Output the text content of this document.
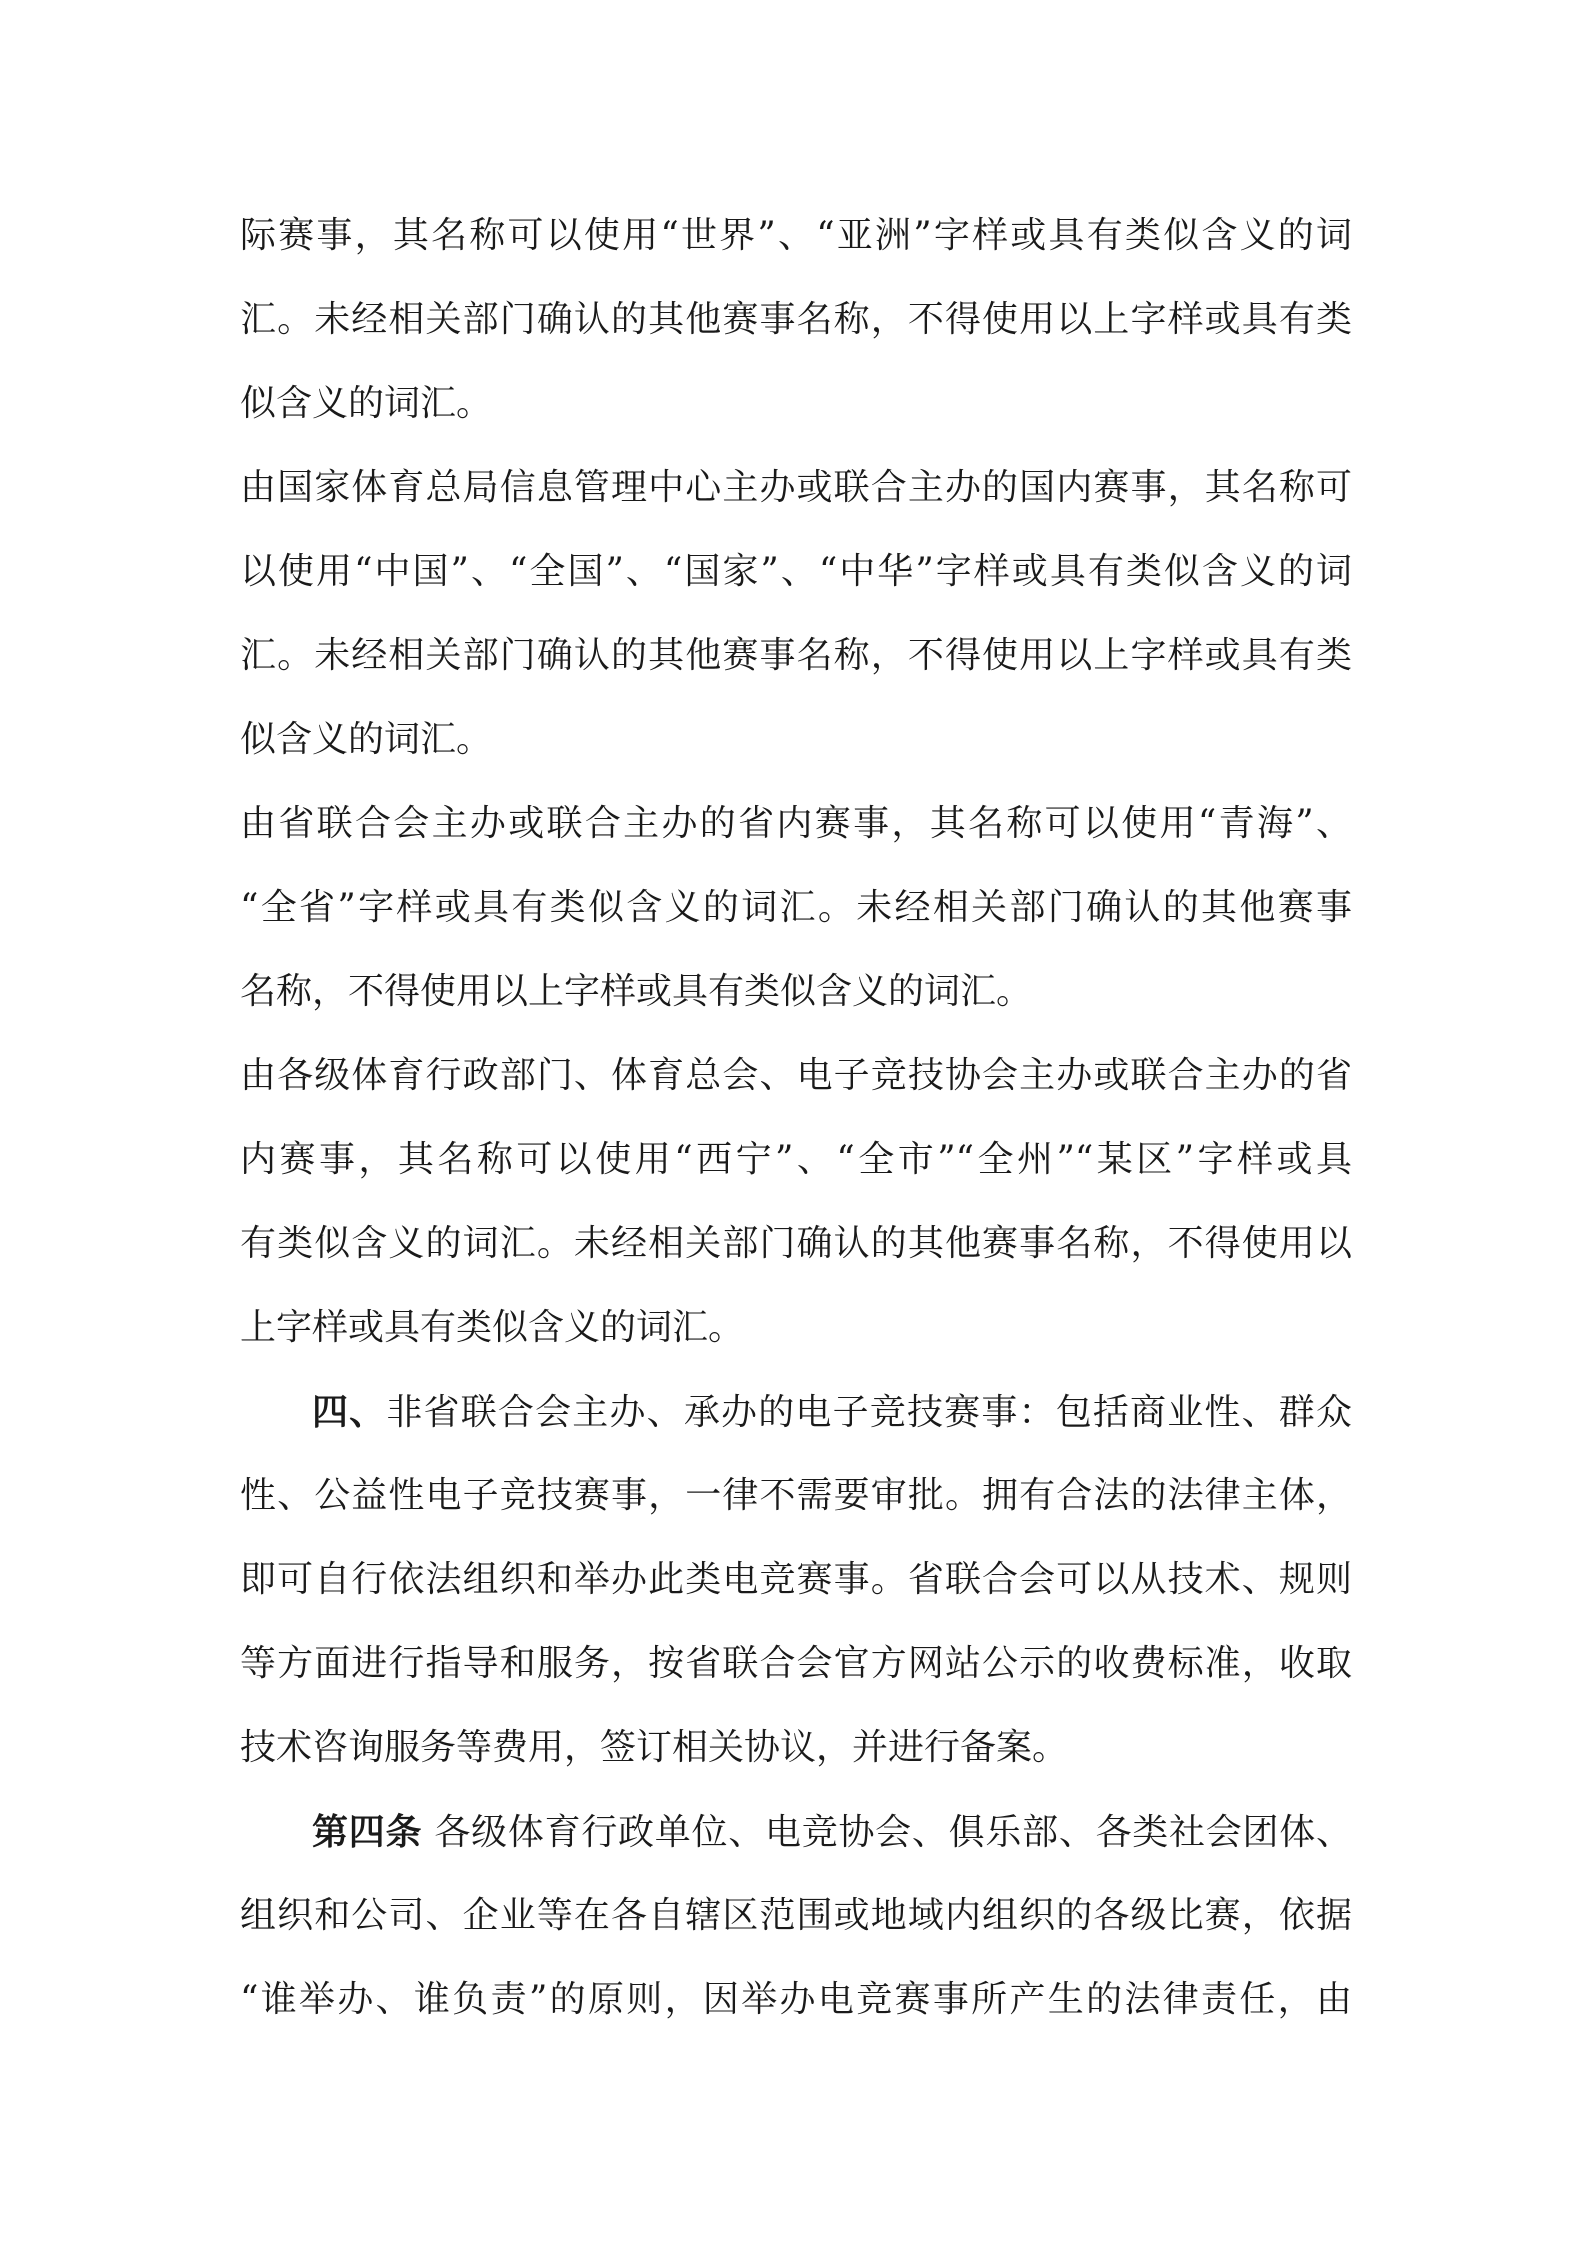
际赛事，其名称可以使用“世界”、“亚洲”字样或具有类似含义的词
汇。未经相关部门确认的其他赛事名称，不得使用以上字样或具有类
似含义的词汇。
由国家体育总局信息管理中心主办或联合主办的国内赛事，其名称可
以使用“中国”、“全国”、“国家”、“中华”字样或具有类似含义的词
汇。未经相关部门确认的其他赛事名称，不得使用以上字样或具有类
似含义的词汇。
由省联合会主办或联合主办的省内赛事，其名称可以使用“青海”、
“全省”字样或具有类似含义的词汇。未经相关部门确认的其他赛事
名称，不得使用以上字样或具有类似含义的词汇。
由各级体育行政部门、体育总会、电子竞技协会主办或联合主办的省
内赛事，其名称可以使用“西宁”、“全市”“全州”“某区”字样或具
有类似含义的词汇。未经相关部门确认的其他赛事名称，不得使用以
上字样或具有类似含义的词汇。
四、非省联合会主办、承办的电子竞技赛事：包括商业性、群众
性、公益性电子竞技赛事，一律不需要审批。拥有合法的法律主体，
即可自行依法组织和举办此类电竞赛事。省联合会可以从技术、规则
等方面进行指导和服务，按省联合会官方网站公示的收费标准，收取
技术咨询服务等费用，签订相关协议，并进行备案。
第四条 各级体育行政单位、电竞协会、俱乐部、各类社会团体、
组织和公司、企业等在各自辖区范围或地域内组织的各级比赛，依据
“谁举办、谁负责”的原则，因举办电竞赛事所产生的法律责任，由
